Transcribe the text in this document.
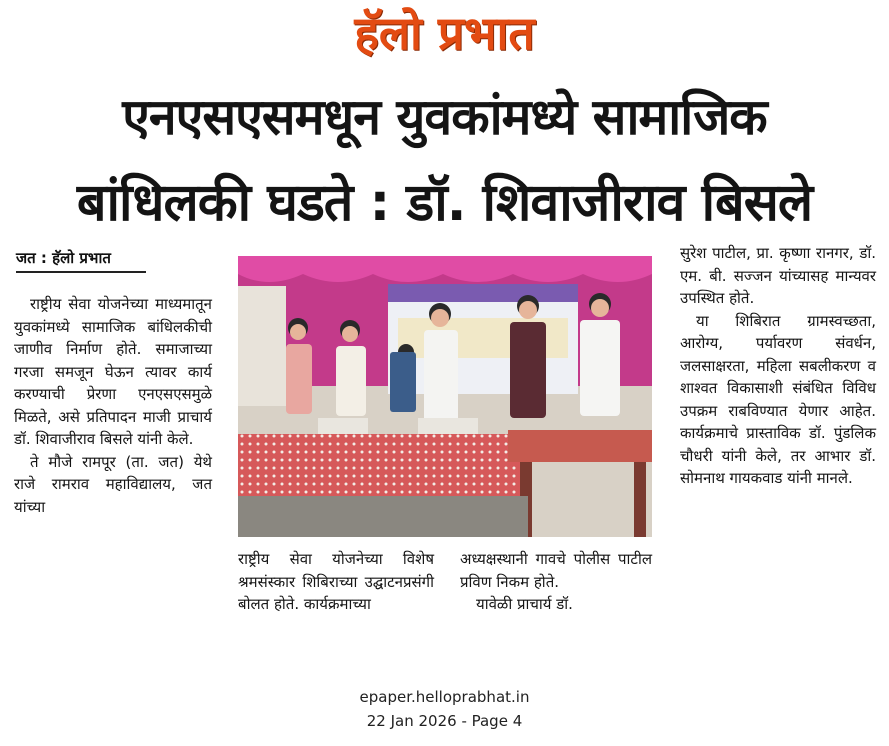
हॅलो प्रभात
एनएसएसमधून युवकांमध्ये सामाजिक
बांधिलकी घडते : डॉ. शिवाजीराव बिसले
जत : हॅलो प्रभात

राष्ट्रीय सेवा योजनेच्या माध्यमातून युवकांमध्ये सामाजिक बांधिलकीची जाणीव निर्माण होते. समाजाच्या गरजा समजून घेऊन त्यावर कार्य करण्याची प्रेरणा एनएसएसमुळे मिळते, असे प्रतिपादन माजी प्राचार्य डॉ. शिवाजीराव बिसले यांनी केले.

ते मौजे रामपूर (ता. जत) येथे राजे रामराव महाविद्यालय, जत यांच्या

राष्ट्रीय सेवा योजनेच्या विशेष श्रमसंस्कार शिबिराच्या उद्घाटनप्रसंगी बोलत होते. कार्यक्रमाच्या

अध्यक्षस्थानी गावचे पोलीस पाटील प्रविण निकम होते.

यावेळी प्राचार्य डॉ.

सुरेश पाटील, प्रा. कृष्णा रानगर, डॉ. एम. बी. सज्जन यांच्यासह मान्यवर उपस्थित होते.

या शिबिरात ग्रामस्वच्छता, आरोग्य, पर्यावरण संवर्धन, जलसाक्षरता, महिला सबलीकरण व शाश्वत विकासाशी संबंधित विविध उपक्रम राबविण्यात येणार आहेत. कार्यक्रमाचे प्रास्ताविक डॉ. पुंडलिक चौधरी यांनी केले, तर आभार डॉ. सोमनाथ गायकवाड यांनी मानले.

epaper.helloprabhat.in
22 Jan 2026 - Page 4
